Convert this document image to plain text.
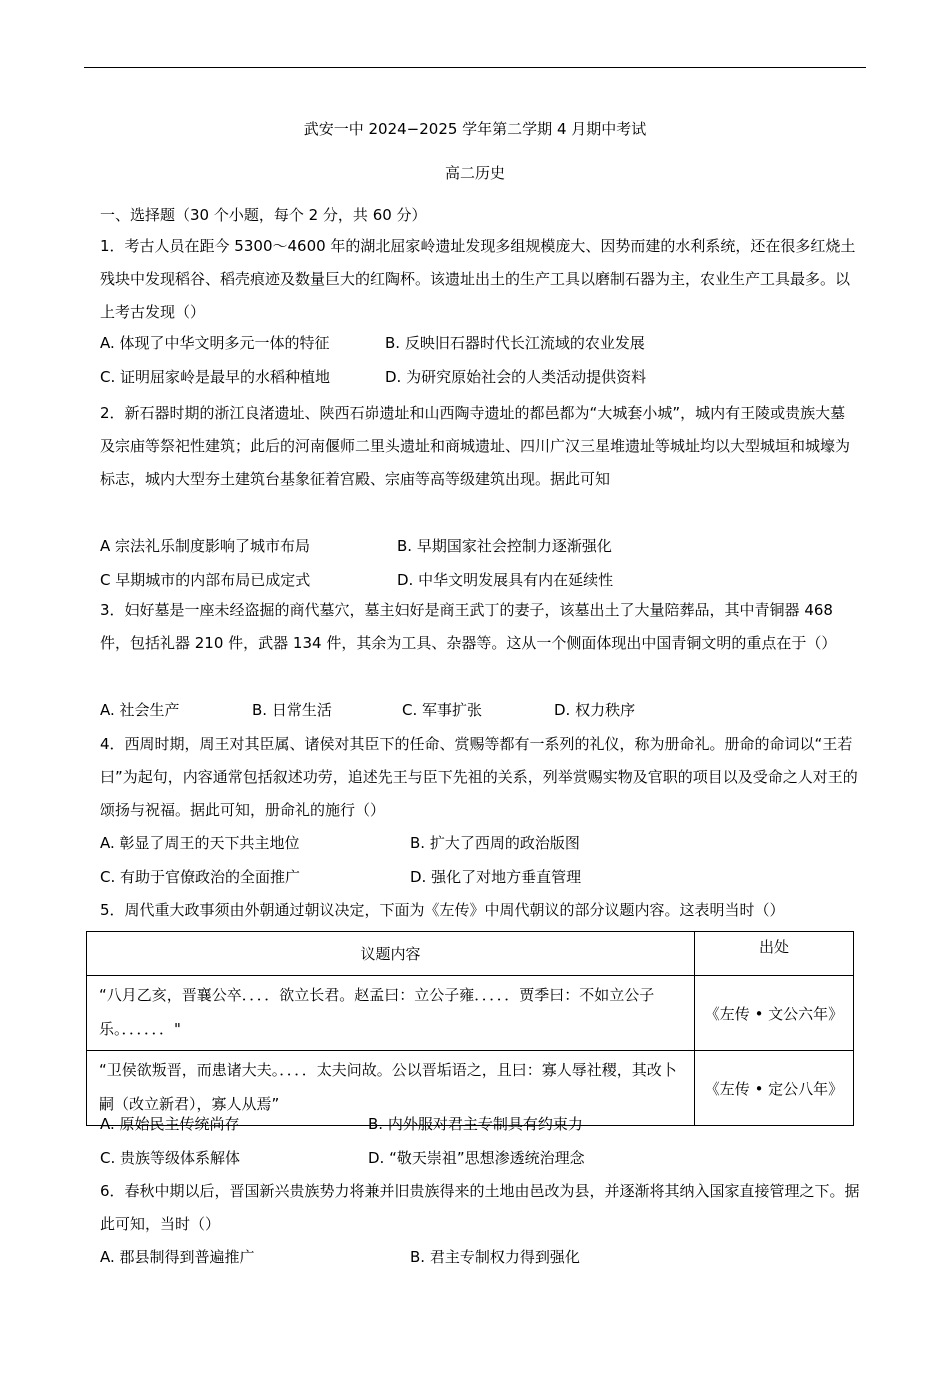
武安一中 2024−2025 学年第二学期 4 月期中考试
高二历史
一、选择题（30 个小题，每个 2 分，共 60 分）
1．考古人员在距今 5300～4600 年的湖北屈家岭遗址发现多组规模庞大、因势而建的水利系统，还在很多红烧土残块中发现稻谷、稻壳痕迹及数量巨大的红陶杯。该遗址出土的生产工具以磨制石器为主，农业生产工具最多。以上考古发现（）
A. 体现了中华文明多元一体的特征	B. 反映旧石器时代长江流域的农业发展
C. 证明屈家岭是最早的水稻种植地	D. 为研究原始社会的人类活动提供资料
2．新石器时期的浙江良渚遗址、陕西石峁遗址和山西陶寺遗址的都邑都为“大城套小城”，城内有王陵或贵族大墓及宗庙等祭祀性建筑；此后的河南偃师二里头遗址和商城遗址、四川广汉三星堆遗址等城址均以大型城垣和城壕为标志，城内大型夯土建筑台基象征着宫殿、宗庙等高等级建筑出现。据此可知
A 宗法礼乐制度影响了城市布局	B. 早期国家社会控制力逐渐强化
C 早期城市的内部布局已成定式	D. 中华文明发展具有内在延续性
3．妇好墓是一座未经盗掘的商代墓穴，墓主妇好是商王武丁的妻子，该墓出土了大量陪葬品，其中青铜器 468 件，包括礼器 210 件，武器 134 件，其余为工具、杂器等。这从一个侧面体现出中国青铜文明的重点在于（）
A. 社会生产	B. 日常生活	C. 军事扩张	D. 权力秩序
4．西周时期，周王对其臣属、诸侯对其臣下的任命、赏赐等都有一系列的礼仪，称为册命礼。册命的命词以“王若曰”为起句，内容通常包括叙述功劳，追述先王与臣下先祖的关系，列举赏赐实物及官职的项目以及受命之人对王的颂扬与祝福。据此可知，册命礼的施行（）
A. 彰显了周王的天下共主地位	B. 扩大了西周的政治版图
C. 有助于官僚政治的全面推广	D. 强化了对地方垂直管理
5．周代重大政事须由外朝通过朝议决定，下面为《左传》中周代朝议的部分议题内容。这表明当时（）
议题内容	出处
“八月乙亥，晋襄公卒．．．．欲立长君。赵孟曰：立公子雍．．．．．贾季曰：不如立公子乐。．．．．．．"	《左传 • 文公六年》
“卫侯欲叛晋，而患诸大夫。．．．．太夫问故。公以晋垢语之，且曰：寡人辱社稷，其改卜嗣（改立新君），寡人从焉”	《左传 • 定公八年》
A. 原始民主传统尚存	B. 内外服对君主专制具有约束力
C. 贵族等级体系解体	D. “敬天崇祖”思想渗透统治理念
6．春秋中期以后，晋国新兴贵族势力将兼并旧贵族得来的土地由邑改为县，并逐渐将其纳入国家直接管理之下。据此可知，当时（）
A. 郡县制得到普遍推广	B. 君主专制权力得到强化
